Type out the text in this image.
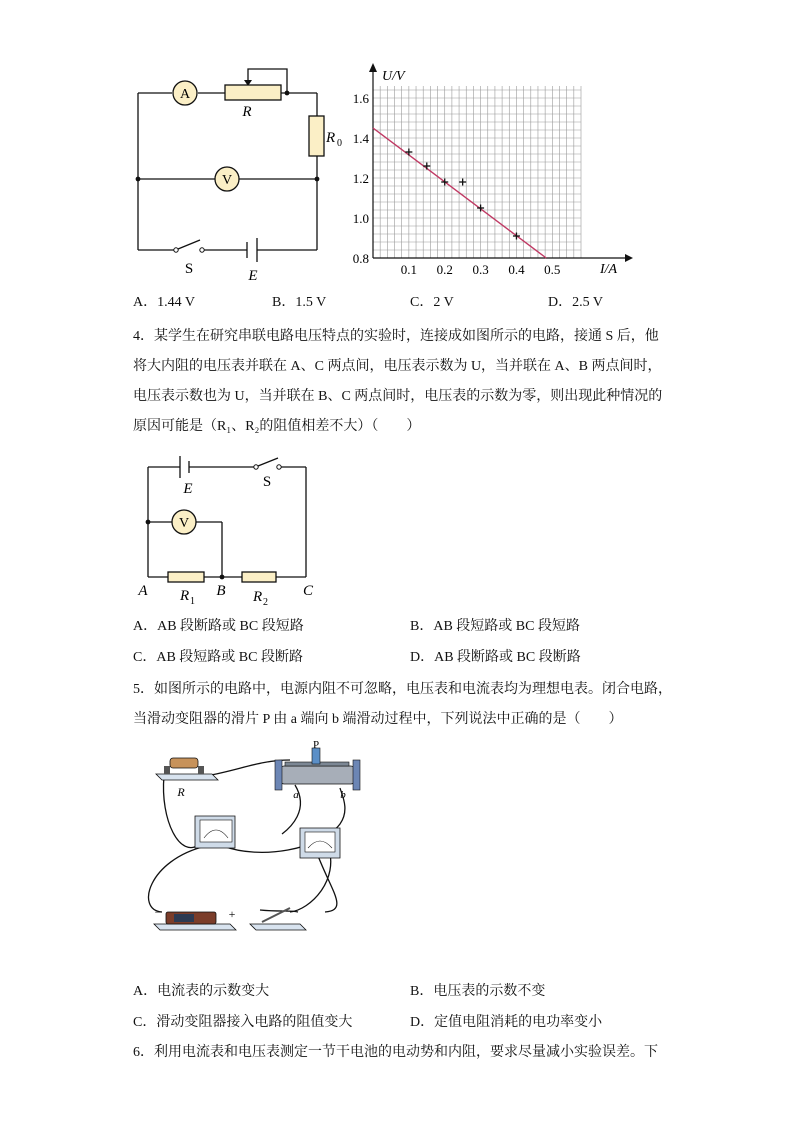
A
V
R
R 0
S	E	0.1 0.2 0.3 0.4 0.5
0.8
1.0
1.2
1.4
1.6
U/V
I/A
A．1.44 V	B．1.5 V	C．2 V	D．2.5 V
4．某学生在研究串联电路电压特点的实验时，连接成如图所示的电路，接通 S 后，他
将大内阻的电压表并联在 A、C 两点间，电压表示数为 U，当并联在 A、B 两点间时，
电压表示数也为 U，当并联在 B、C 两点间时，电压表的示数为零，则出现此种情况的
原因可能是（R₁、R₂的阻值相差不大）（　　）
V
E	S
A	B	C
R 1	R 2
A．AB 段断路或 BC 段短路	B．AB 段短路或 BC 段短路
C．AB 段短路或 BC 段断路	D．AB 段断路或 BC 段断路
5．如图所示的电路中，电源内阻不可忽略，电压表和电流表均为理想电表。闭合电路，
当滑动变阻器的滑片 P 由 a 端向 b 端滑动过程中，下列说法中正确的是（　　）
R
P
a	b
−	+
A．电流表的示数变大	B．电压表的示数不变
C．滑动变阻器接入电路的阻值变大	D．定值电阻消耗的电功率变小
6．利用电流表和电压表测定一节干电池的电动势和内阻，要求尽量减小实验误差。下
